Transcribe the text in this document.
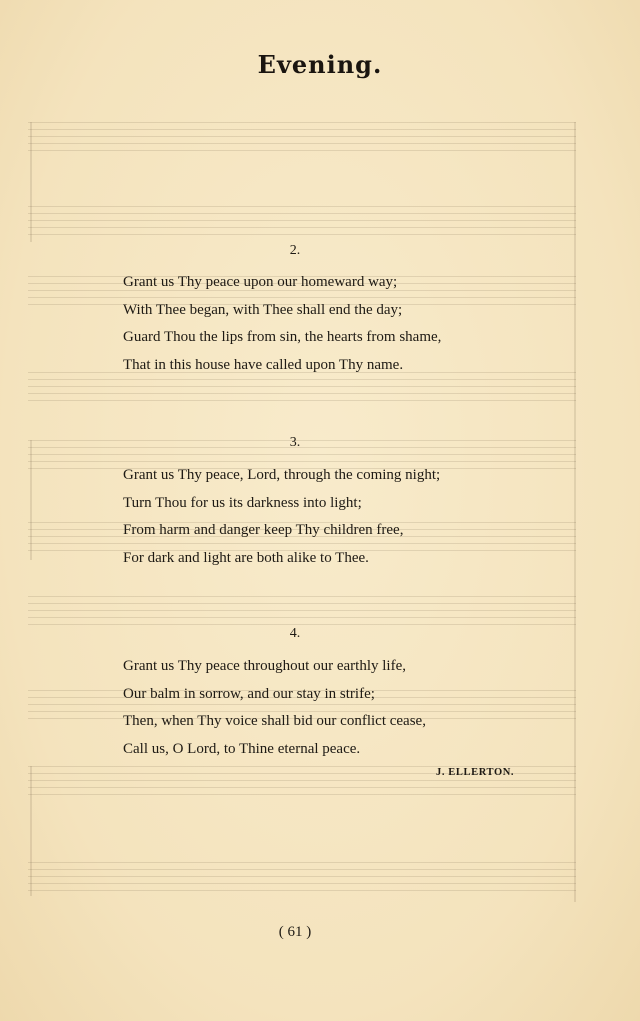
Evening.
2.
Grant us Thy peace upon our homeward way;
With Thee began, with Thee shall end the day;
Guard Thou the lips from sin, the hearts from shame,
That in this house have called upon Thy name.
3.
Grant us Thy peace, Lord, through the coming night;
Turn Thou for us its darkness into light;
From harm and danger keep Thy children free,
For dark and light are both alike to Thee.
4.
Grant us Thy peace throughout our earthly life,
Our balm in sorrow, and our stay in strife;
Then, when Thy voice shall bid our conflict cease,
Call us, O Lord, to Thine eternal peace.
J. ELLERTON.
( 61 )
